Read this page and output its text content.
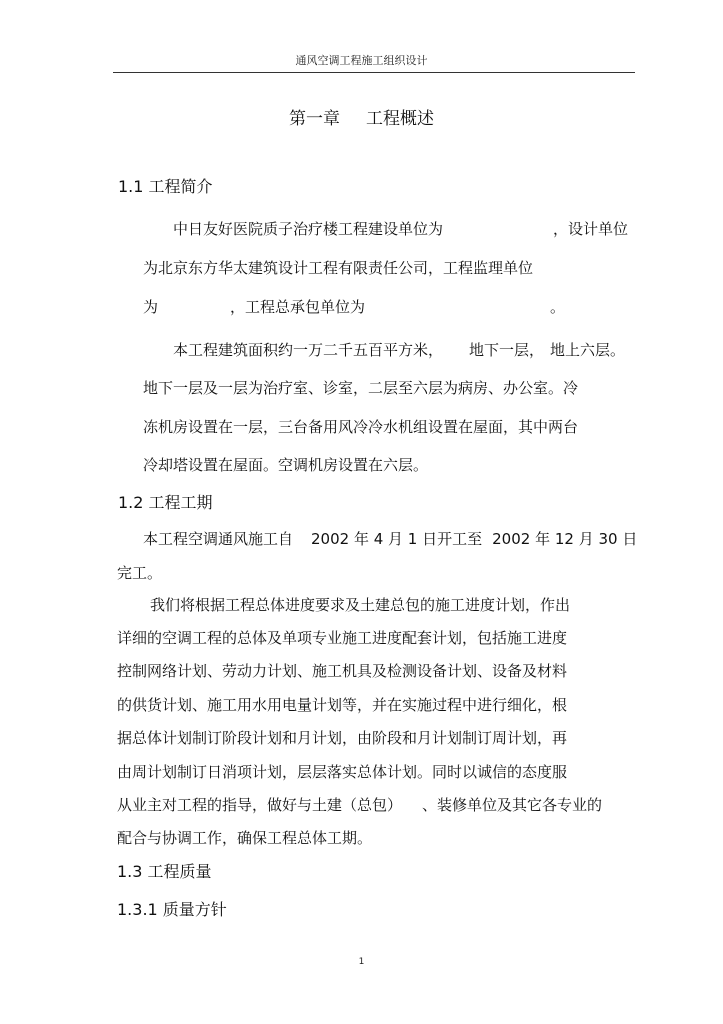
通风空调工程施工组织设计
第一章 工程概述
1.1 工程简介
中日友好医院质子治疗楼工程建设单位为	，设计单位
为北京东方华太建筑设计工程有限责任公司，工程监理单位
为	，工程总承包单位为	。
本工程建筑面积约一万二千五百平方米， 地下一层， 地上六层。
地下一层及一层为治疗室、诊室，二层至六层为病房、办公室。冷
冻机房设置在一层，三台备用风冷冷水机组设置在屋面，其中两台
冷却塔设置在屋面。空调机房设置在六层。
1.2 工程工期
本工程空调通风施工自 2002 年 4 月 1 日开工至 2002 年 12 月 30 日
完工。
我们将根据工程总体进度要求及土建总包的施工进度计划，作出
详细的空调工程的总体及单项专业施工进度配套计划，包括施工进度
控制网络计划、劳动力计划、施工机具及检测设备计划、设备及材料
的供货计划、施工用水用电量计划等，并在实施过程中进行细化，根
据总体计划制订阶段计划和月计划，由阶段和月计划制订周计划，再
由周计划制订日消项计划，层层落实总体计划。同时以诚信的态度服
从业主对工程的指导，做好与土建（总包） 、装修单位及其它各专业的
配合与协调工作，确保工程总体工期。
1.3 工程质量
1.3.1 质量方针
1
